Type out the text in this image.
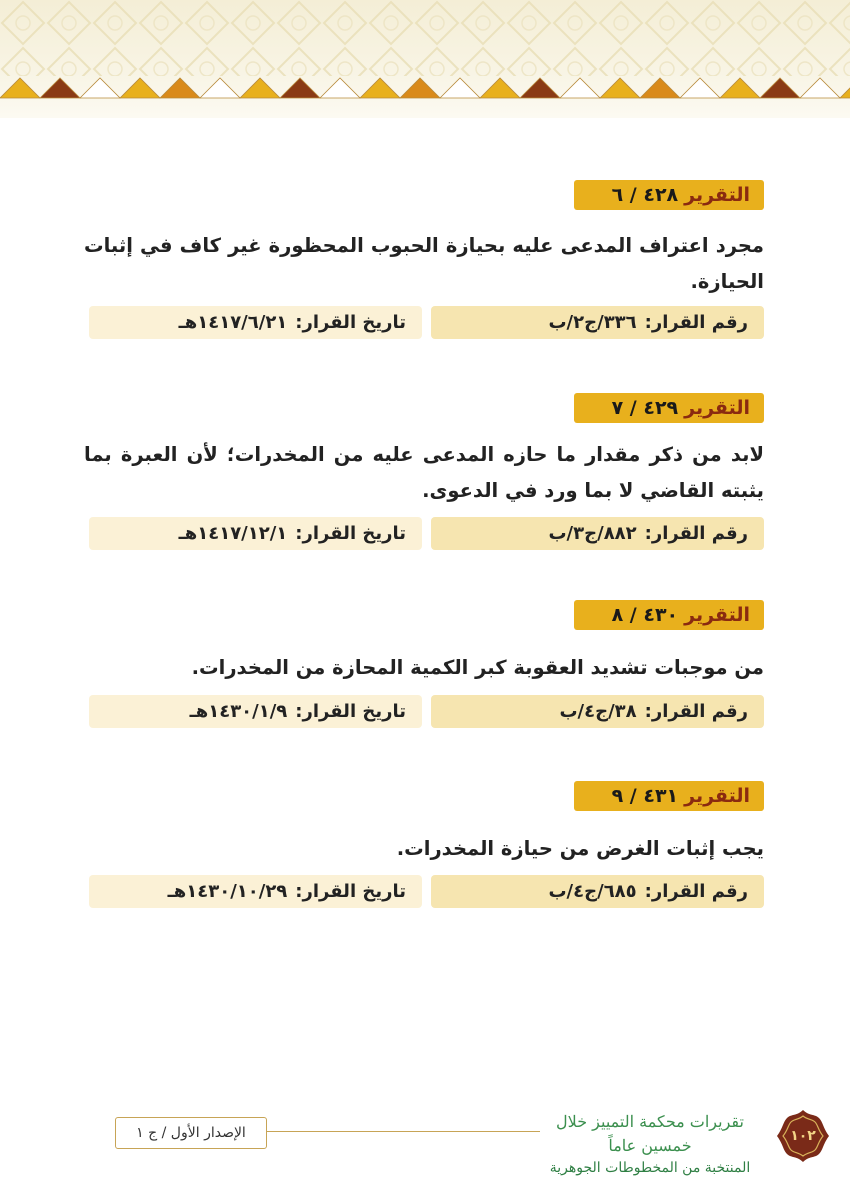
التقرير
٤٢٨ / ٦
مجرد اعتراف المدعى عليه بحيازة الحبوب المحظورة غير كاف في إثبات الحيازة.
رقم القرار:
٣٣٦/ج٢/ب
تاريخ القرار:
١٤١٧/٦/٢١هـ
التقرير
٤٢٩ / ٧
لابد من ذكر مقدار ما حازه المدعى عليه من المخدرات؛ لأن العبرة بما يثبته القاضي لا بما ورد في الدعوى.
رقم القرار:
٨٨٢/ج٣/ب
تاريخ القرار:
١٤١٧/١٢/١هـ
التقرير
٤٣٠ / ٨
من موجبات تشديد العقوبة كبر الكمية المحازة من المخدرات.
رقم القرار:
٣٨/ج٤/ب
تاريخ القرار:
١٤٣٠/١/٩هـ
التقرير
٤٣١ / ٩
يجب إثبات الغرض من حيازة المخدرات.
رقم القرار:
٦٨٥/ج٤/ب
تاريخ القرار:
١٤٣٠/١٠/٢٩هـ
الإصدار الأول / ج ١
تقريرات محكمة التمييز خلال خمسين عاماً
المنتخبة من المخطوطات الجوهرية
١٠٢
